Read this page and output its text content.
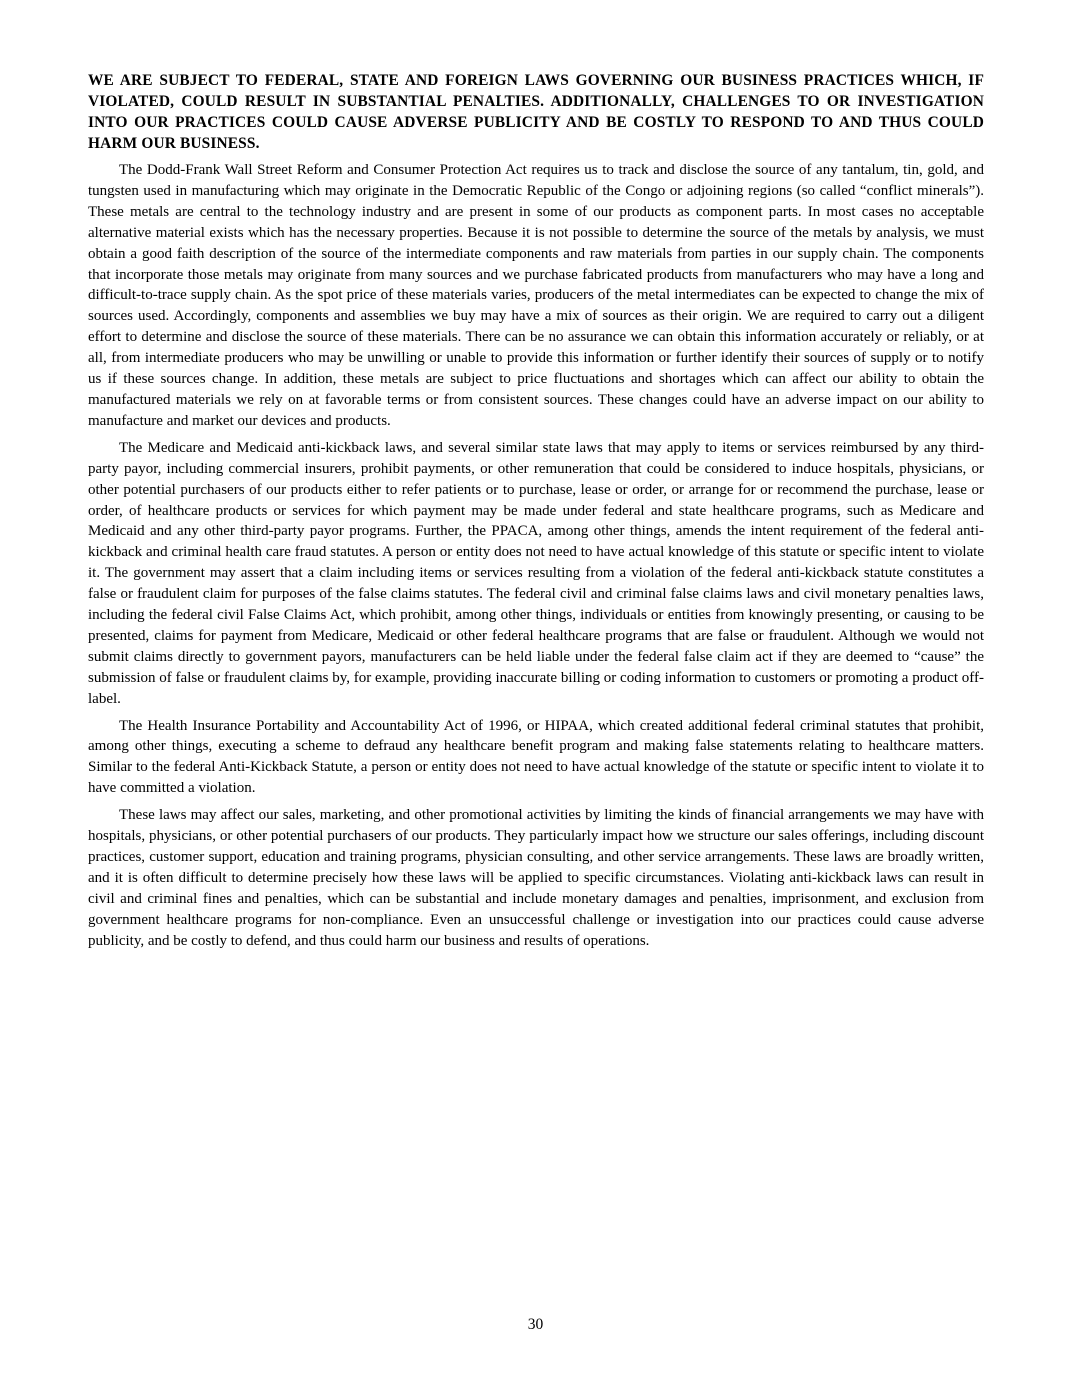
WE ARE SUBJECT TO FEDERAL, STATE AND FOREIGN LAWS GOVERNING OUR BUSINESS PRACTICES WHICH, IF VIOLATED, COULD RESULT IN SUBSTANTIAL PENALTIES. ADDITIONALLY, CHALLENGES TO OR INVESTIGATION INTO OUR PRACTICES COULD CAUSE ADVERSE PUBLICITY AND BE COSTLY TO RESPOND TO AND THUS COULD HARM OUR BUSINESS.

The Dodd-Frank Wall Street Reform and Consumer Protection Act requires us to track and disclose the source of any tantalum, tin, gold, and tungsten used in manufacturing which may originate in the Democratic Republic of the Congo or adjoining regions (so called “conflict minerals”). These metals are central to the technology industry and are present in some of our products as component parts. In most cases no acceptable alternative material exists which has the necessary properties. Because it is not possible to determine the source of the metals by analysis, we must obtain a good faith description of the source of the intermediate components and raw materials from parties in our supply chain. The components that incorporate those metals may originate from many sources and we purchase fabricated products from manufacturers who may have a long and difficult-to-trace supply chain. As the spot price of these materials varies, producers of the metal intermediates can be expected to change the mix of sources used. Accordingly, components and assemblies we buy may have a mix of sources as their origin. We are required to carry out a diligent effort to determine and disclose the source of these materials. There can be no assurance we can obtain this information accurately or reliably, or at all, from intermediate producers who may be unwilling or unable to provide this information or further identify their sources of supply or to notify us if these sources change. In addition, these metals are subject to price fluctuations and shortages which can affect our ability to obtain the manufactured materials we rely on at favorable terms or from consistent sources. These changes could have an adverse impact on our ability to manufacture and market our devices and products.

The Medicare and Medicaid anti-kickback laws, and several similar state laws that may apply to items or services reimbursed by any third-party payor, including commercial insurers, prohibit payments, or other remuneration that could be considered to induce hospitals, physicians, or other potential purchasers of our products either to refer patients or to purchase, lease or order, or arrange for or recommend the purchase, lease or order, of healthcare products or services for which payment may be made under federal and state healthcare programs, such as Medicare and Medicaid and any other third-party payor programs. Further, the PPACA, among other things, amends the intent requirement of the federal anti-kickback and criminal health care fraud statutes. A person or entity does not need to have actual knowledge of this statute or specific intent to violate it. The government may assert that a claim including items or services resulting from a violation of the federal anti-kickback statute constitutes a false or fraudulent claim for purposes of the false claims statutes. The federal civil and criminal false claims laws and civil monetary penalties laws, including the federal civil False Claims Act, which prohibit, among other things, individuals or entities from knowingly presenting, or causing to be presented, claims for payment from Medicare, Medicaid or other federal healthcare programs that are false or fraudulent. Although we would not submit claims directly to government payors, manufacturers can be held liable under the federal false claim act if they are deemed to “cause” the submission of false or fraudulent claims by, for example, providing inaccurate billing or coding information to customers or promoting a product off-label.

The Health Insurance Portability and Accountability Act of 1996, or HIPAA, which created additional federal criminal statutes that prohibit, among other things, executing a scheme to defraud any healthcare benefit program and making false statements relating to healthcare matters. Similar to the federal Anti-Kickback Statute, a person or entity does not need to have actual knowledge of the statute or specific intent to violate it to have committed a violation.

These laws may affect our sales, marketing, and other promotional activities by limiting the kinds of financial arrangements we may have with hospitals, physicians, or other potential purchasers of our products. They particularly impact how we structure our sales offerings, including discount practices, customer support, education and training programs, physician consulting, and other service arrangements. These laws are broadly written, and it is often difficult to determine precisely how these laws will be applied to specific circumstances. Violating anti-kickback laws can result in civil and criminal fines and penalties, which can be substantial and include monetary damages and penalties, imprisonment, and exclusion from government healthcare programs for non-compliance. Even an unsuccessful challenge or investigation into our practices could cause adverse publicity, and be costly to defend, and thus could harm our business and results of operations.

30
